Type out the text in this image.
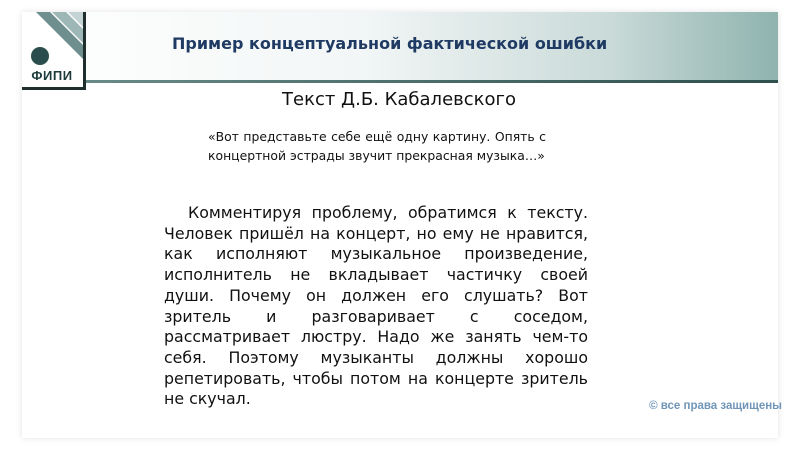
ФИПИ
Пример концептуальной фактической ошибки
Текст Д.Б. Кабалевского
«Вот представьте себе ещё одну картину. Опять с концертной эстрады звучит прекрасная музыка…»
Комментируя проблему, обратимся к тексту. Человек пришёл на концерт, но ему не нравится, как исполняют музыкальное произведение, исполнитель не вкладывает частичку своей души. Почему он должен его слушать? Вот зритель и разговаривает с соседом, рассматривает люстру. Надо же занять чем-то себя. Поэтому музыканты должны хорошо репетировать, чтобы потом на концерте зритель не скучал.	© все права защищены
